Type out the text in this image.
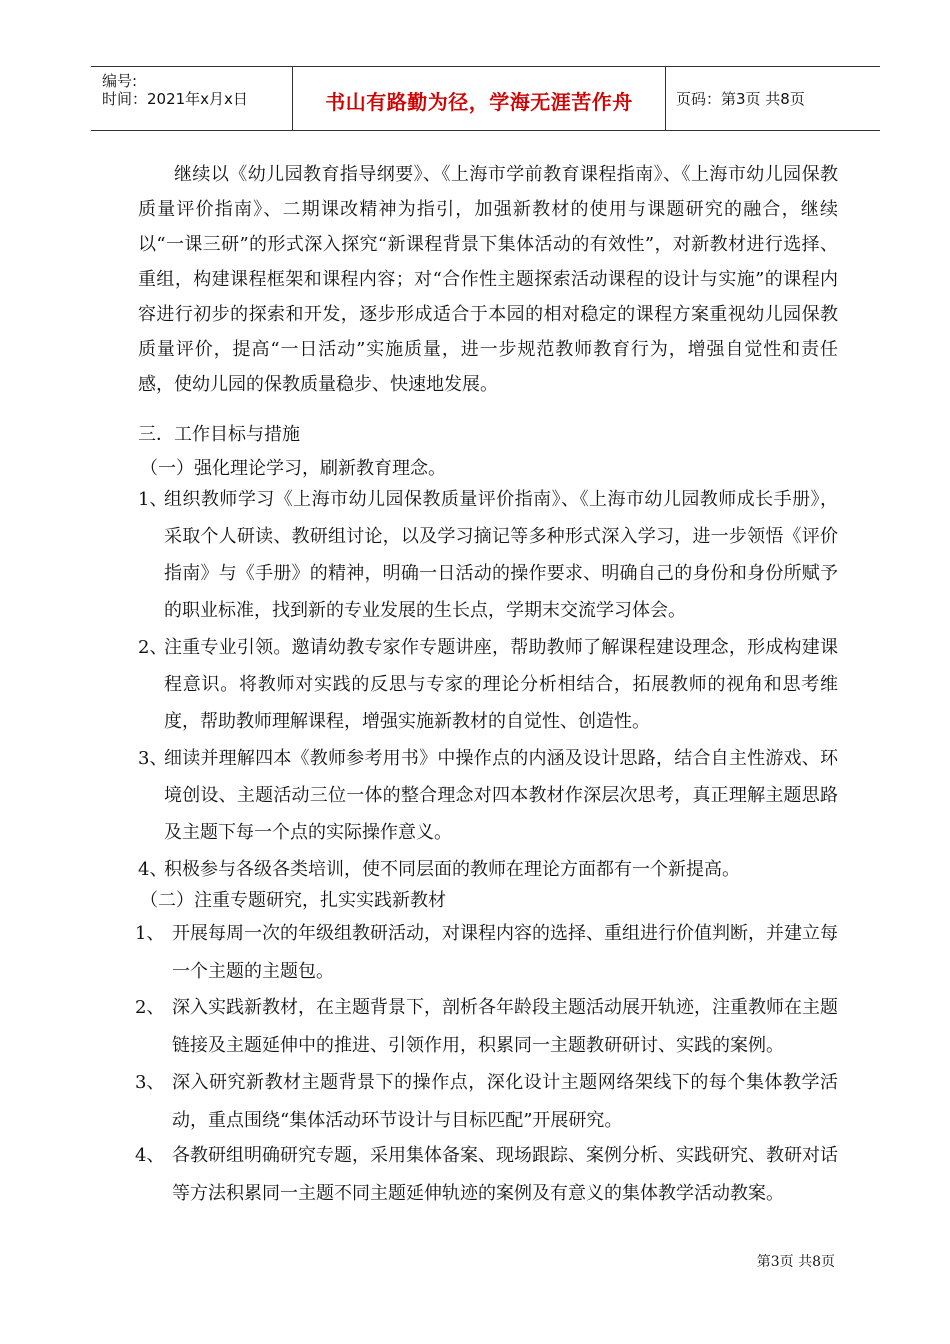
编号:
时间：2021年x月x日	书山有路勤为径，学海无涯苦作舟	页码：第3页 共8页

继续以《幼儿园教育指导纲要》、《上海市学前教育课程指南》、《上海市幼儿园保教质量评价指南》、二期课改精神为指引，加强新教材的使用与课题研究的融合，继续以“一课三研”的形式深入探究“新课程背景下集体活动的有效性”，对新教材进行选择、重组，构建课程框架和课程内容；对“合作性主题探索活动课程的设计与实施”的课程内容进行初步的探索和开发，逐步形成适合于本园的相对稳定的课程方案重视幼儿园保教质量评价，提高“一日活动”实施质量，进一步规范教师教育行为，增强自觉性和责任感，使幼儿园的保教质量稳步、快速地发展。

三．工作目标与措施
（一）强化理论学习，刷新教育理念。
1、
组织教师学习《上海市幼儿园保教质量评价指南》、《上海市幼儿园教师成长手册》，采取个人研读、教研组讨论，以及学习摘记等多种形式深入学习，进一步领悟《评价指南》与《手册》的精神，明确一日活动的操作要求、明确自己的身份和身份所赋予的职业标准，找到新的专业发展的生长点，学期末交流学习体会。
2、
注重专业引领。邀请幼教专家作专题讲座，帮助教师了解课程建设理念，形成构建课程意识。将教师对实践的反思与专家的理论分析相结合，拓展教师的视角和思考维度，帮助教师理解课程，增强实施新教材的自觉性、创造性。
3、
细读并理解四本《教师参考用书》中操作点的内涵及设计思路，结合自主性游戏、环境创设、主题活动三位一体的整合理念对四本教材作深层次思考，真正理解主题思路及主题下每一个点的实际操作意义。
4、
积极参与各级各类培训，使不同层面的教师在理论方面都有一个新提高。
（二）注重专题研究，扎实实践新教材
1、 开展每周一次的年级组教研活动，对课程内容的选择、重组进行价值判断，并建立每一个主题的主题包。
2、 深入实践新教材，在主题背景下，剖析各年龄段主题活动展开轨迹，注重教师在主题链接及主题延伸中的推进、引领作用，积累同一主题教研研讨、实践的案例。
3、 深入研究新教材主题背景下的操作点，深化设计主题网络架线下的每个集体教学活动，重点围绕“集体活动环节设计与目标匹配”开展研究。
4、 各教研组明确研究专题，采用集体备案、现场跟踪、案例分析、实践研究、教研对话等方法积累同一主题不同主题延伸轨迹的案例及有意义的集体教学活动教案。
第3页 共8页
